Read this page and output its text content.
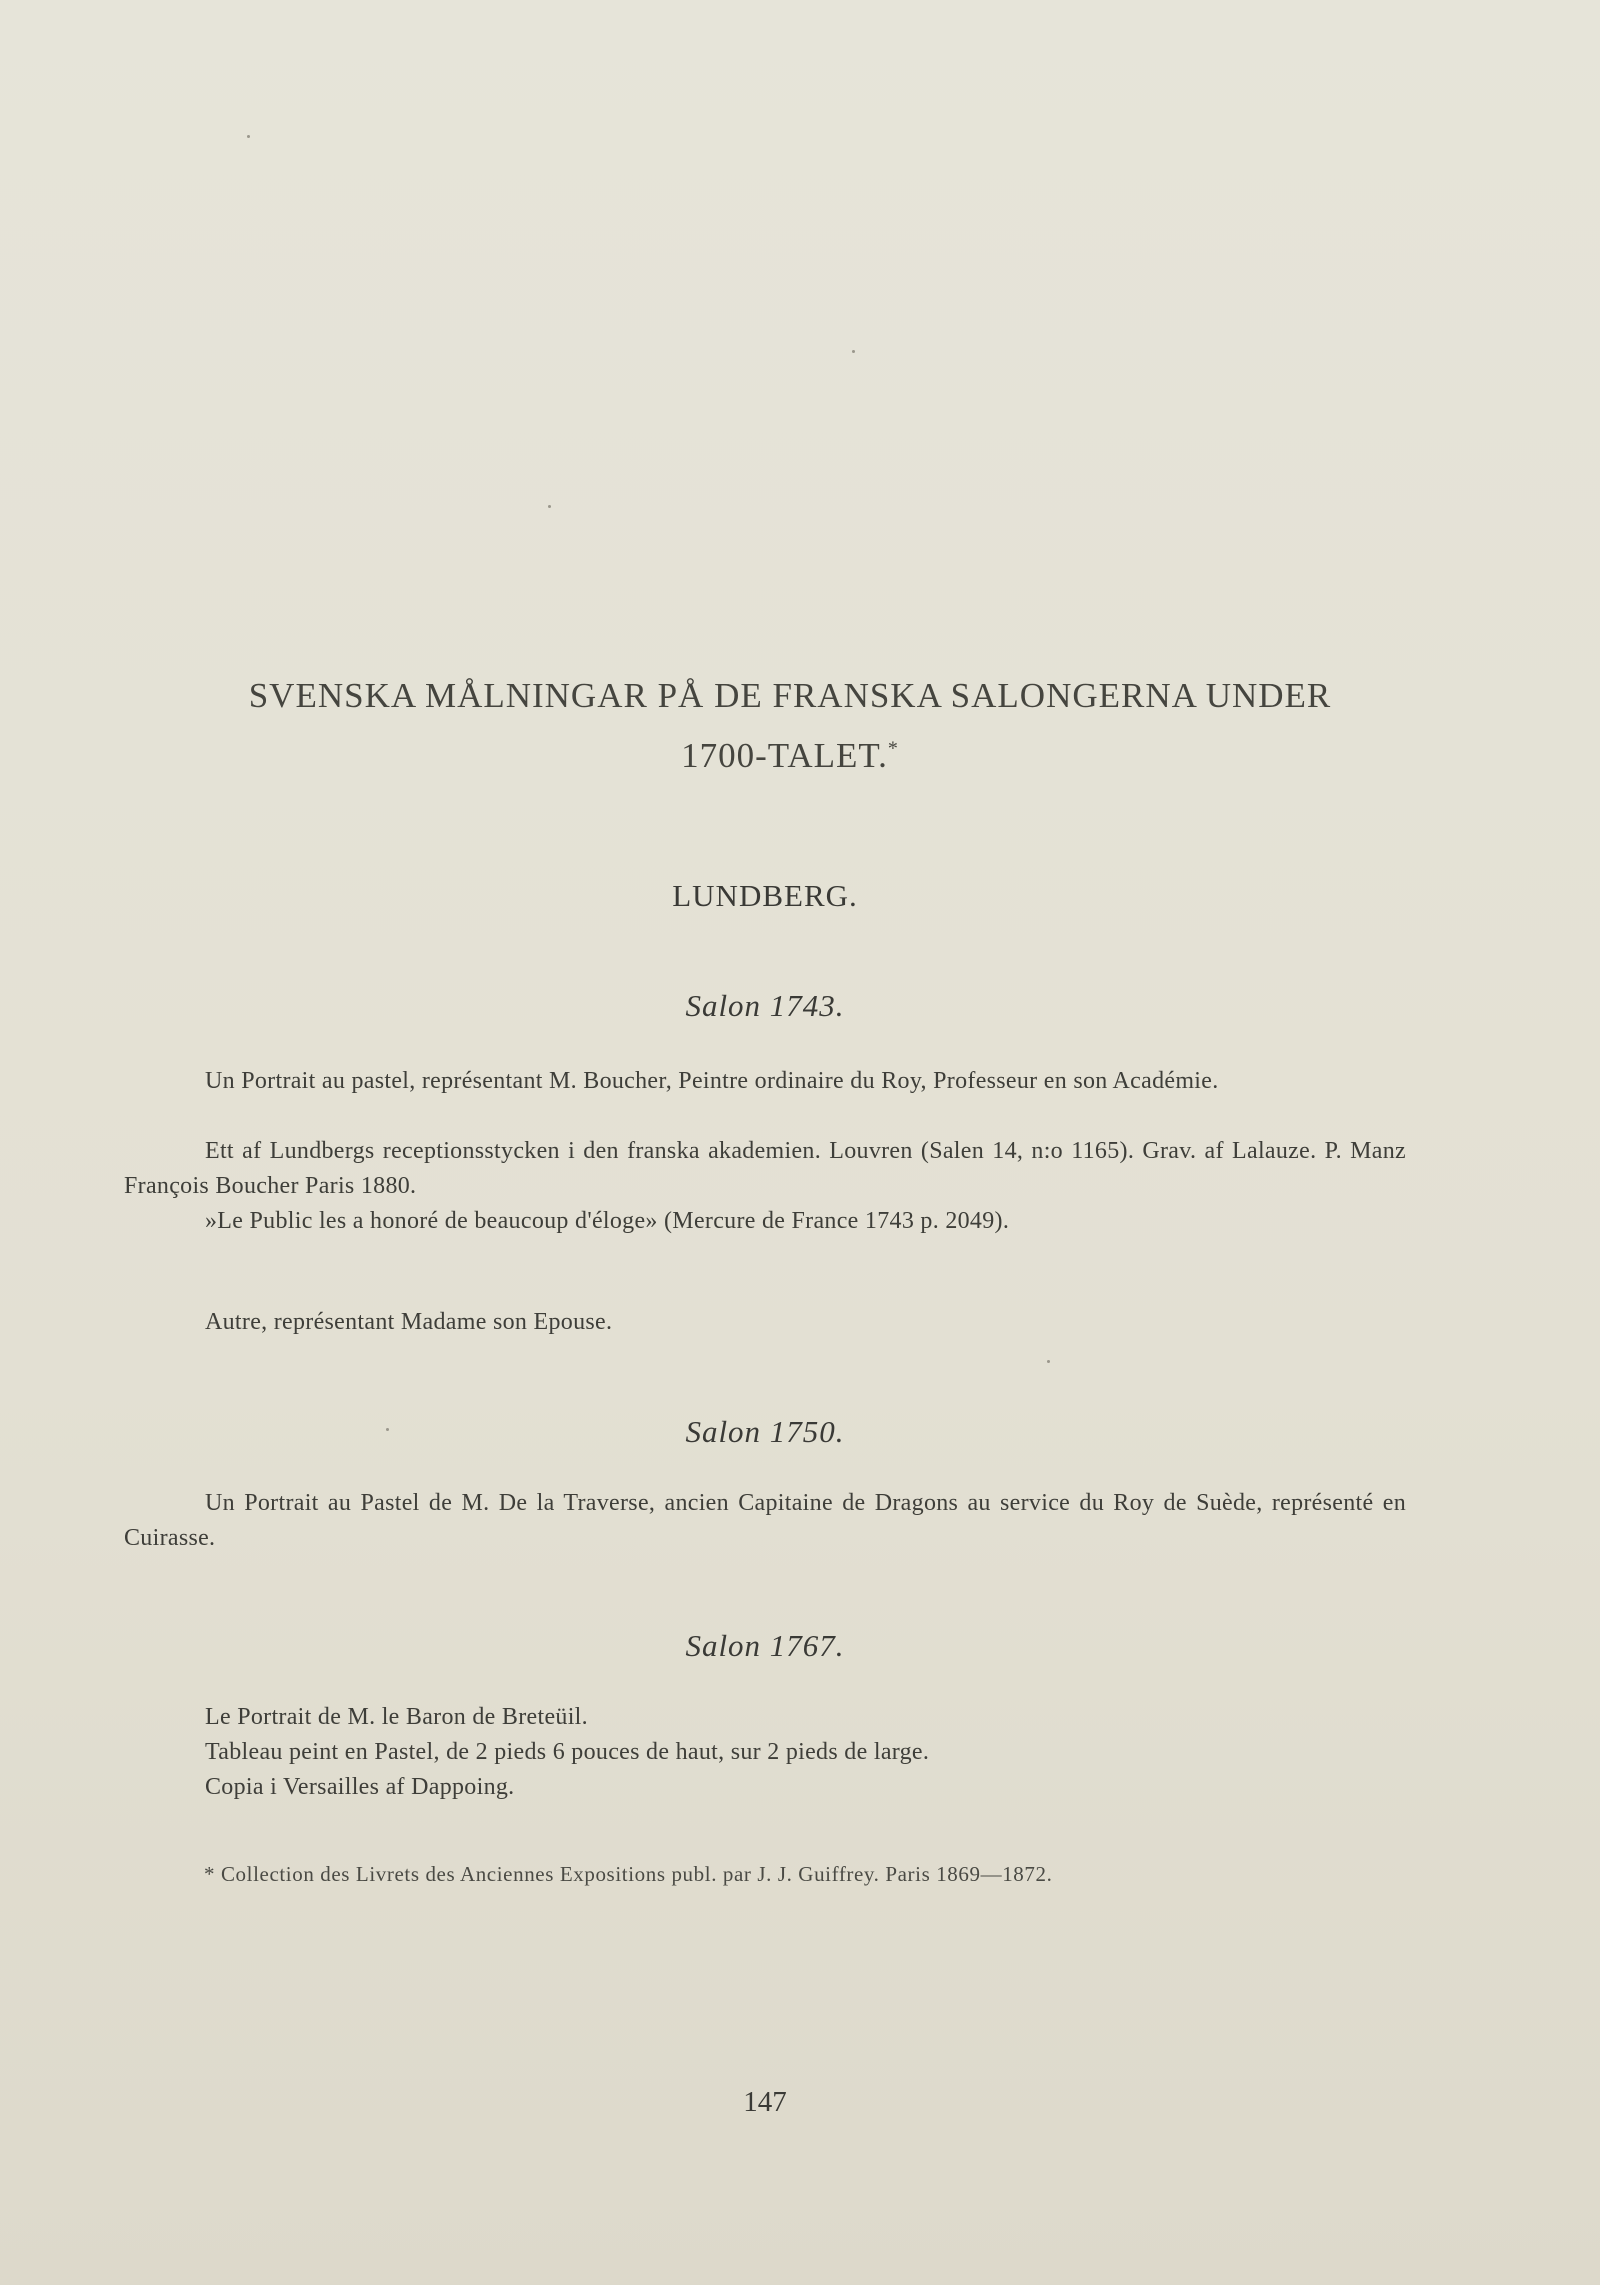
SVENSKA MÅLNINGAR PÅ DE FRANSKA SALONGERNA UNDER
1700-TALET.*
LUNDBERG.
Salon 1743.
Un Portrait au pastel, représentant M. Boucher, Peintre ordinaire du Roy, Professeur en son Académie.
Ett af Lundbergs receptionsstycken i den franska akademien. Louvren (Salen 14, n:o 1165). Grav. af Lalauze. P. Manz François Boucher Paris 1880.
»Le Public les a honoré de beaucoup d'éloge» (Mercure de France 1743 p. 2049).
Autre, représentant Madame son Epouse.
Salon 1750.
Un Portrait au Pastel de M. De la Traverse, ancien Capitaine de Dragons au service du Roy de Suède, représenté en Cuirasse.
Salon 1767.
Le Portrait de M. le Baron de Breteüil.
Tableau peint en Pastel, de 2 pieds 6 pouces de haut, sur 2 pieds de large.
Copia i Versailles af Dappoing.
* Collection des Livrets des Anciennes Expositions publ. par J. J. Guiffrey. Paris 1869—1872.
147
